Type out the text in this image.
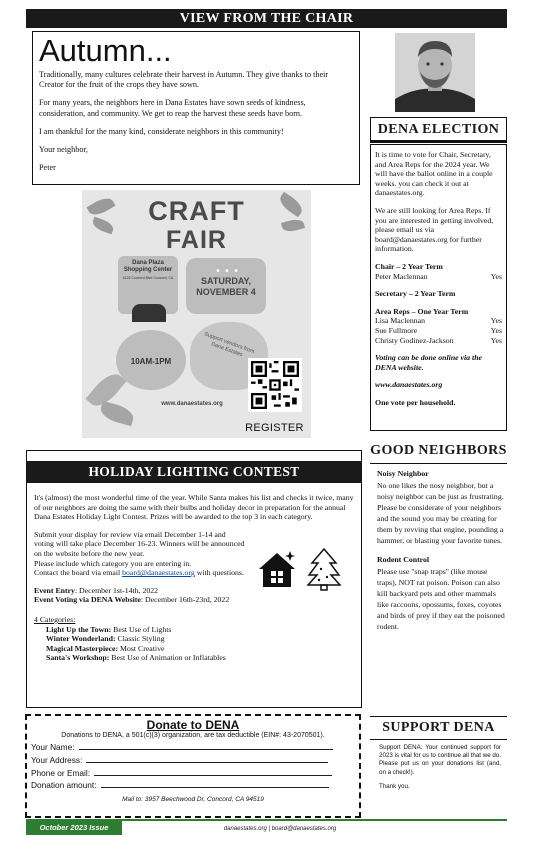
VIEW FROM THE CHAIR
Autumn...

Traditionally, many cultures celebrate their harvest in Autumn. They give thanks to their Creator for the fruit of the crops they have sown.

For many years, the neighbors here in Dana Estates have sown seeds of kindness, consideration, and community. We get to reap the harvest these seeds have born.

I am thankful for the many kind, considerate neighbors in this community!

Your neighbor,

Peter

CRAFT
FAIR
Dana Plaza Shopping Center
4125 Concord Blvd Concord, CA
• • •
SATURDAY, NOVEMBER 4
10AM-1PM
Support vendors from Dana Estates
www.danaestates.org
REGISTER
DENA ELECTION

It is time to vote for Chair, Secretary, and Area Reps for the 2024 year. We will have the ballot online in a couple weeks. you can check it out at danaestates.org.

We are still looking for Area Reps. If you are interested in getting involved, please email us via board@danaestates.org for further information.

Chair – 2 Year Term
Peter Maclennan	Yes
Secretary – 2 Year Term
Area Reps – One Year Term
Lisa Maclennan	Yes
Sue Fullmore	Yes
Christy Godinez-Jackson	Yes

Voting can be done online via the DENA website.

www.danaestates.org

One vote per household.

GOOD NEIGHBORS
Noisy Neighbor

No one likes the nosy neighbor, but a noisy neighbor can be just as frustrating. Please be considerate of your neighbors and the sound you may be creating for them by revving that engine, pounding a hammer, or blasting your favorite tunes.

Rodent Control

Please use "snap traps" (like mouse traps), NOT rat poison. Poison can also kill backyard pets and other mammals like raccoons, opossums, foxes, coyotes and birds of prey if they eat the poisoned rodent.

SUPPORT DENA

Support DENA: Your continued support for 2023 is vital for us to continue all that we do. Please put us on your donations list (and, on a check!).

Thank you.

HOLIDAY LIGHTING CONTEST

It's (almost) the most wonderful time of the year. While Santa makes his list and checks it twice, many of our neighbors are doing the same with their bulbs and holiday decor in preparation for the annual Dana Estates Holiday Light Contest. Prizes will be awarded to the top 3 in each category.

Submit your display for review via email December 1-14 and voting will take place December 16-23. Winners will be announced on the website before the new year.
Please include which category you are entering in.
Contact the board via email board@danaestates.org with questions.
Event Entry: December 1st-14th, 2022
Event Voting via DENA Website: December 16th-23rd, 2022
4 Categories:
Light Up the Town: Best Use of Lights
Winter Wonderland: Classic Styling
Magical Masterpiece: Most Creative
Santa's Workshop: Best Use of Animation or Inflatables
Donate to DENA
Donations to DENA, a 501(c)(3) organization, are tax deductible (EIN#: 43-2070501).
Your Name:
Your Address:
Phone or Email:
Donation amount:
Mail to: 3957 Beechwood Dr, Concord, CA 94519
October 2023 Issue	danaestates.org | board@danaestates.org
